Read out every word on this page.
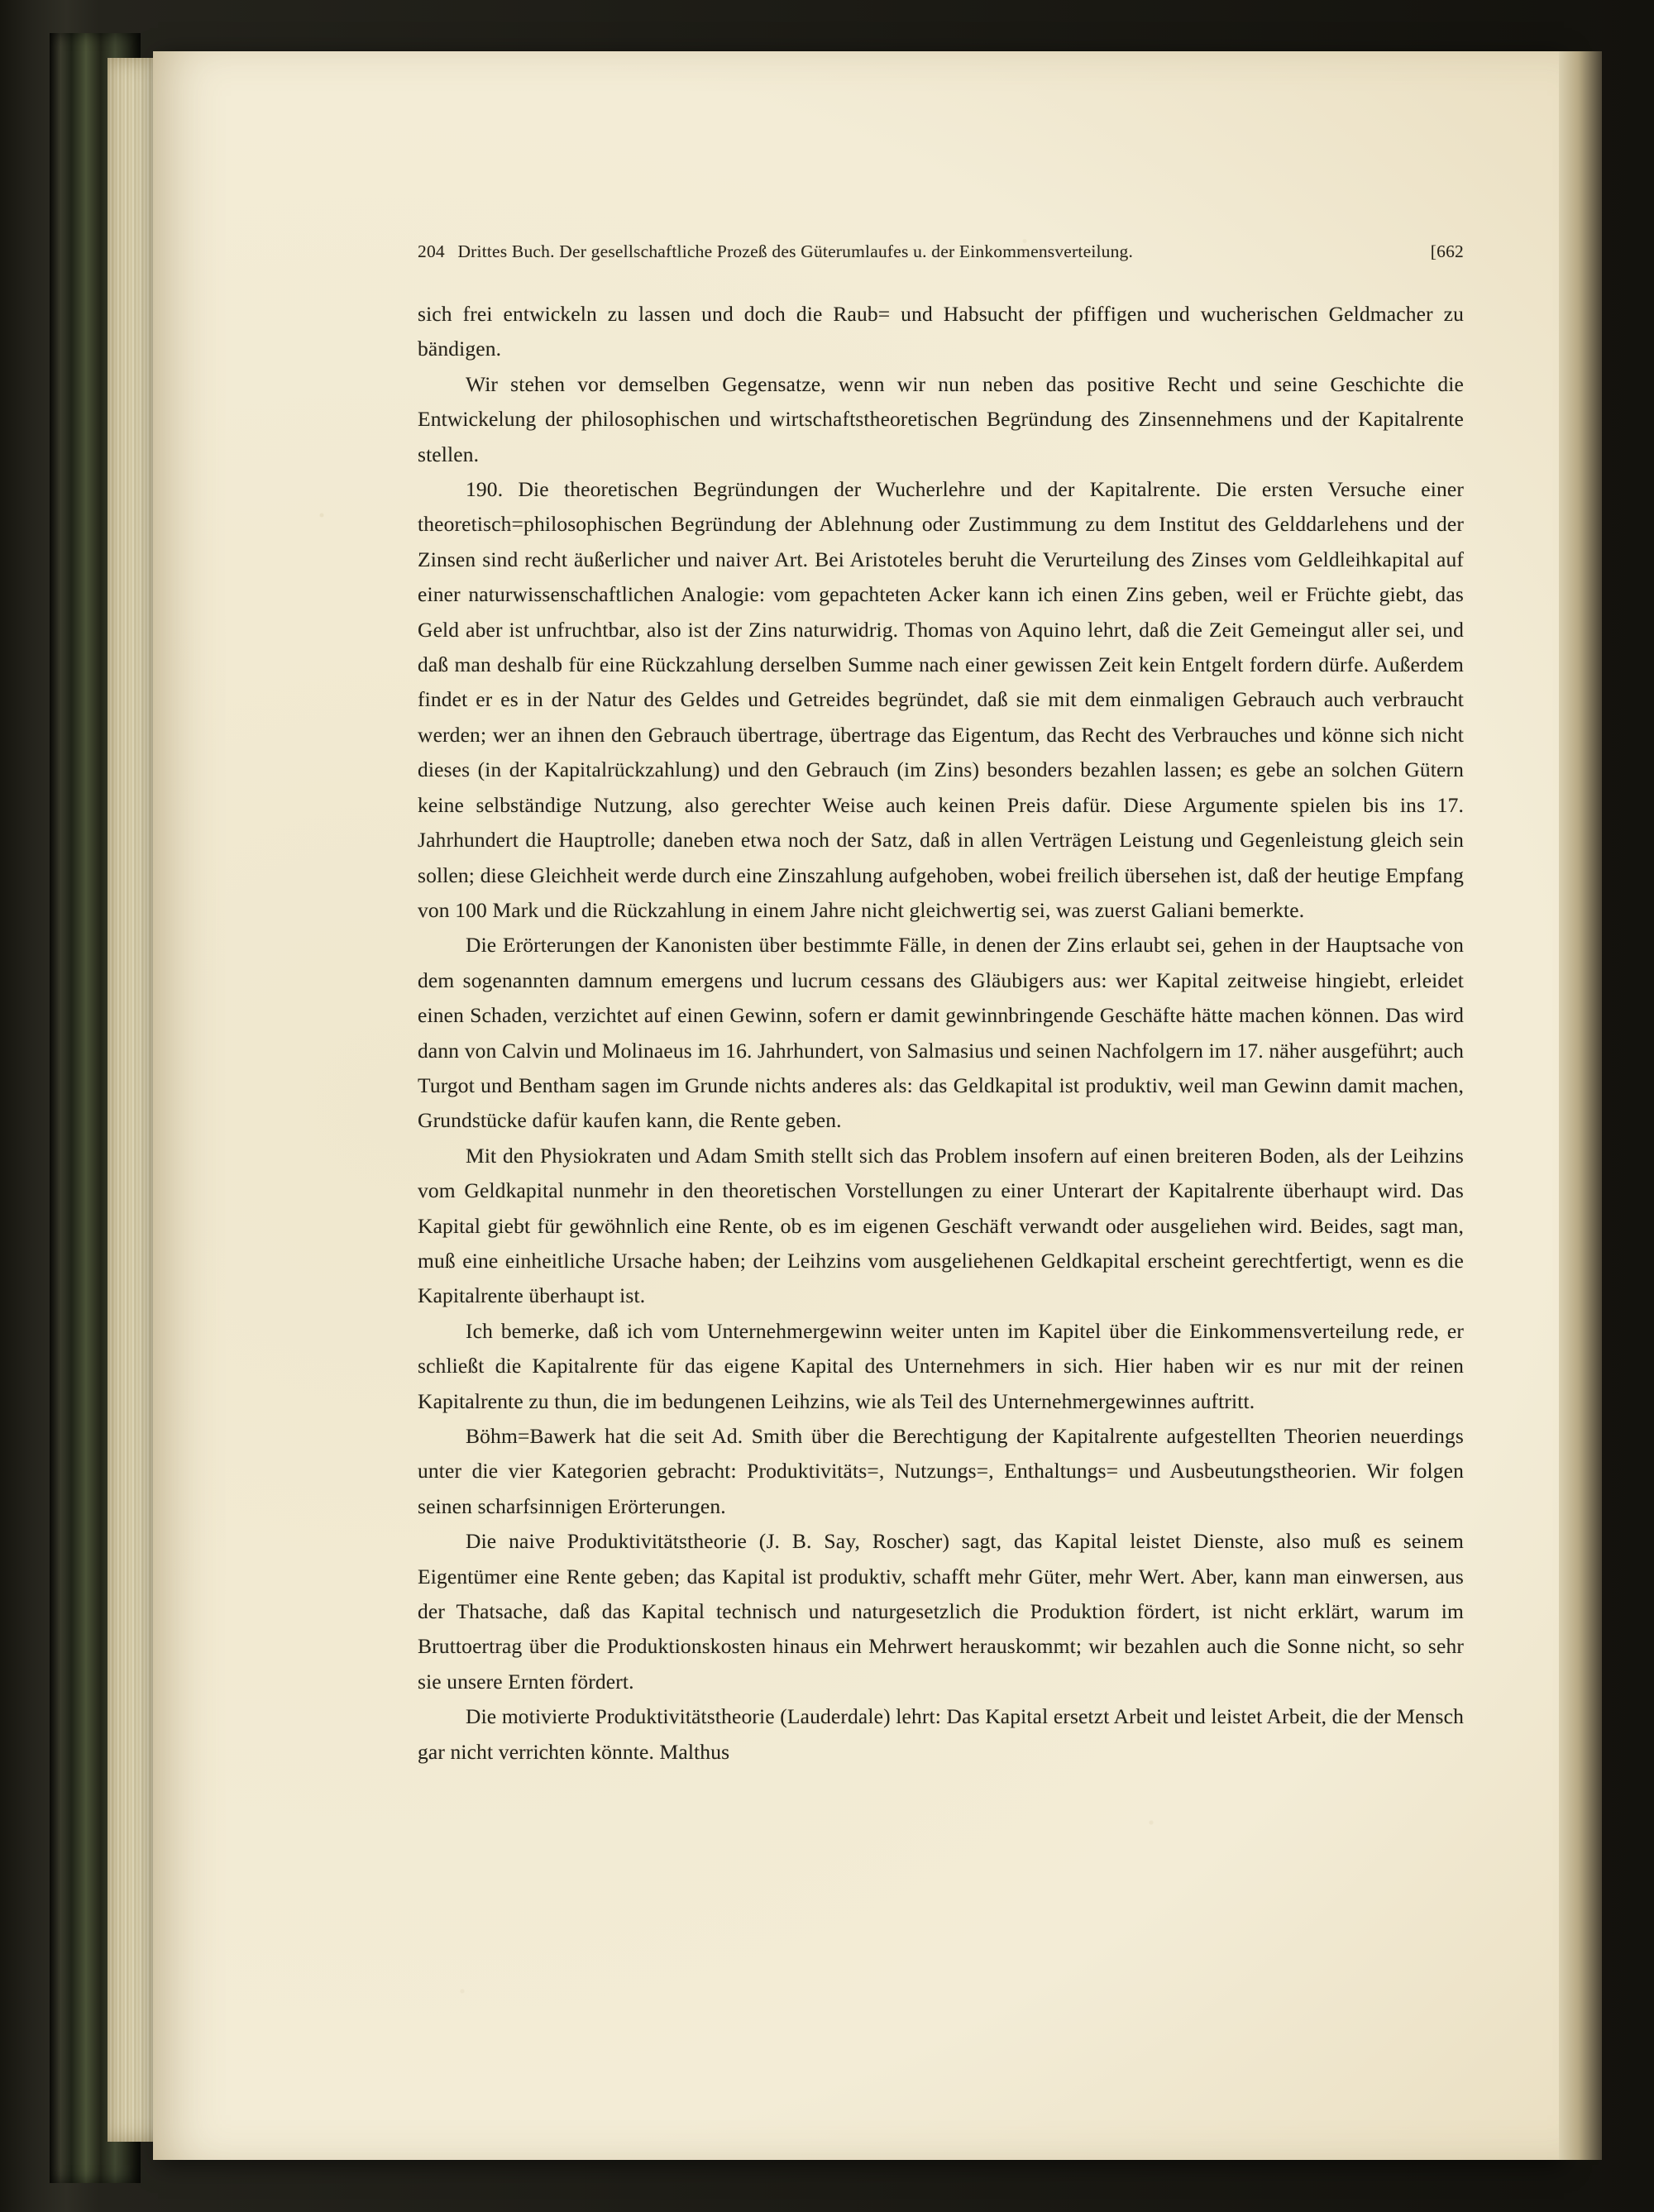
[662
204 Drittes Buch. Der gesellschaftliche Prozeß des Güterumlaufes u. der Einkommensverteilung.

sich frei entwickeln zu lassen und doch die Raub= und Habsucht der pfiffigen und wucherischen Geldmacher zu bändigen.

Wir stehen vor demselben Gegensatze, wenn wir nun neben das positive Recht und seine Geschichte die Entwickelung der philosophischen und wirtschaftstheoretischen Begründung des Zinsennehmens und der Kapitalrente stellen.

190. Die theoretischen Begründungen der Wucherlehre und der Kapitalrente. Die ersten Versuche einer theoretisch=philosophischen Begründung der Ablehnung oder Zustimmung zu dem Institut des Gelddarlehens und der Zinsen sind recht äußerlicher und naiver Art. Bei Aristoteles beruht die Verurteilung des Zinses vom Geldleihkapital auf einer naturwissenschaftlichen Analogie: vom gepachteten Acker kann ich einen Zins geben, weil er Früchte giebt, das Geld aber ist unfruchtbar, also ist der Zins naturwidrig. Thomas von Aquino lehrt, daß die Zeit Gemeingut aller sei, und daß man deshalb für eine Rückzahlung derselben Summe nach einer gewissen Zeit kein Entgelt fordern dürfe. Außerdem findet er es in der Natur des Geldes und Getreides begründet, daß sie mit dem einmaligen Gebrauch auch verbraucht werden; wer an ihnen den Gebrauch übertrage, übertrage das Eigentum, das Recht des Verbrauches und könne sich nicht dieses (in der Kapitalrückzahlung) und den Gebrauch (im Zins) besonders bezahlen lassen; es gebe an solchen Gütern keine selbständige Nutzung, also gerechter Weise auch keinen Preis dafür. Diese Argumente spielen bis ins 17. Jahrhundert die Hauptrolle; daneben etwa noch der Satz, daß in allen Verträgen Leistung und Gegenleistung gleich sein sollen; diese Gleichheit werde durch eine Zinszahlung aufgehoben, wobei freilich übersehen ist, daß der heutige Empfang von 100 Mark und die Rückzahlung in einem Jahre nicht gleichwertig sei, was zuerst Galiani bemerkte.

Die Erörterungen der Kanonisten über bestimmte Fälle, in denen der Zins erlaubt sei, gehen in der Hauptsache von dem sogenannten damnum emergens und lucrum cessans des Gläubigers aus: wer Kapital zeitweise hingiebt, erleidet einen Schaden, verzichtet auf einen Gewinn, sofern er damit gewinnbringende Geschäfte hätte machen können. Das wird dann von Calvin und Molinaeus im 16. Jahrhundert, von Salmasius und seinen Nachfolgern im 17. näher ausgeführt; auch Turgot und Bentham sagen im Grunde nichts anderes als: das Geldkapital ist produktiv, weil man Gewinn damit machen, Grundstücke dafür kaufen kann, die Rente geben.

Mit den Physiokraten und Adam Smith stellt sich das Problem insofern auf einen breiteren Boden, als der Leihzins vom Geldkapital nunmehr in den theoretischen Vorstellungen zu einer Unterart der Kapitalrente überhaupt wird. Das Kapital giebt für gewöhnlich eine Rente, ob es im eigenen Geschäft verwandt oder ausgeliehen wird. Beides, sagt man, muß eine einheitliche Ursache haben; der Leihzins vom ausgeliehenen Geldkapital erscheint gerechtfertigt, wenn es die Kapitalrente überhaupt ist.

Ich bemerke, daß ich vom Unternehmergewinn weiter unten im Kapitel über die Einkommensverteilung rede, er schließt die Kapitalrente für das eigene Kapital des Unternehmers in sich. Hier haben wir es nur mit der reinen Kapitalrente zu thun, die im bedungenen Leihzins, wie als Teil des Unternehmergewinnes auftritt.

Böhm=Bawerk hat die seit Ad. Smith über die Berechtigung der Kapitalrente aufgestellten Theorien neuerdings unter die vier Kategorien gebracht: Produktivitäts=, Nutzungs=, Enthaltungs= und Ausbeutungstheorien. Wir folgen seinen scharfsinnigen Erörterungen.

Die naive Produktivitätstheorie (J. B. Say, Roscher) sagt, das Kapital leistet Dienste, also muß es seinem Eigentümer eine Rente geben; das Kapital ist produktiv, schafft mehr Güter, mehr Wert. Aber, kann man einwersen, aus der Thatsache, daß das Kapital technisch und naturgesetzlich die Produktion fördert, ist nicht erklärt, warum im Bruttoertrag über die Produktionskosten hinaus ein Mehrwert herauskommt; wir bezahlen auch die Sonne nicht, so sehr sie unsere Ernten fördert.

Die motivierte Produktivitätstheorie (Lauderdale) lehrt: Das Kapital ersetzt Arbeit und leistet Arbeit, die der Mensch gar nicht verrichten könnte. Malthus
